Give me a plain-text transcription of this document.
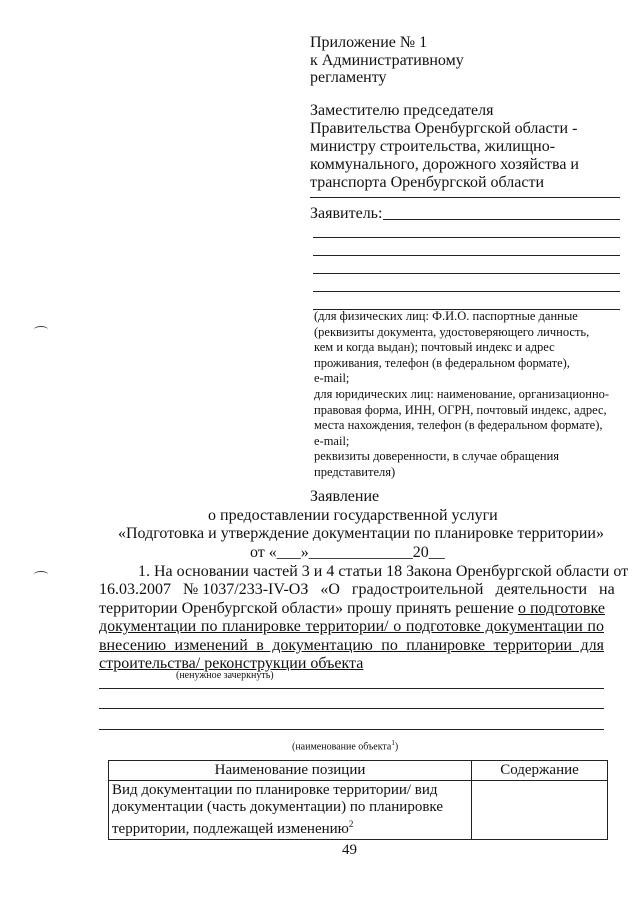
Приложение № 1
к Административному
регламенту
Заместителю председателя
Правительства Оренбургской области -
министру строительства, жилищно-
коммунального, дорожного хозяйства и
транспорта Оренбургской области
Заявитель:
(для физических лиц: Ф.И.О. паспортные данные
(реквизиты документа, удостоверяющего личность,
кем и когда выдан); почтовый индекс и адрес
проживания, телефон (в федеральном формате),
e-mail;
для юридических лиц: наименование, организационно-
правовая форма, ИНН, ОГРН, почтовый индекс, адрес,
места нахождения, телефон (в федеральном формате),
e-mail;
реквизиты доверенности, в случае обращения
представителя)
Заявление
о предоставлении государственной услуги
«Подготовка и утверждение документации по планировке территории»
от «___»_____________20__
1. На основании частей 3 и 4 статьи 18 Закона Оренбургской области от
16.03.2007   № 1037/233-IV-ОЗ   «О   градостроительной   деятельности   на
территории Оренбургской области» прошу принять решение о подготовке
документации по планировке территории/ о подготовке документации по
внесению изменений в документацию по планировке территории для
строительства/ реконструкции объекта
(ненужное зачеркнуть)
(наименование объекта$^1$)
Наименование позиции	Содержание

Вид документации по планировке территории/ вид
документации (часть документации) по планировке
территории, подлежащей изменению$^2$

49
